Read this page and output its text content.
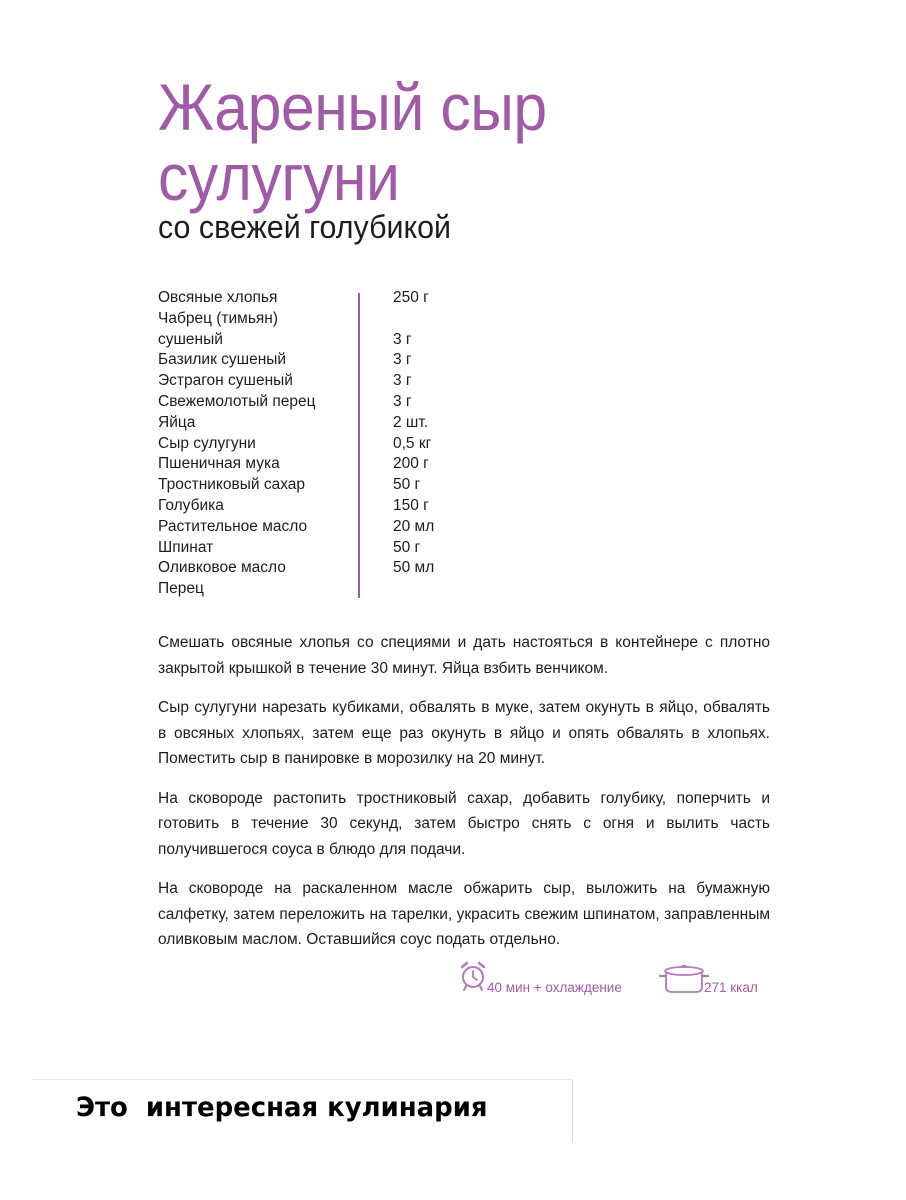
Жареный сыр
сулугуни
со свежей голубикой
Овсяные хлопья	250 г
Чабрец (тимьян)
сушеный	3 г
Базилик сушеный	3 г
Эстрагон сушеный	3 г
Свежемолотый перец	3 г
Яйца	2 шт.
Сыр сулугуни	0,5 кг
Пшеничная мука	200 г
Тростниковый сахар	50 г
Голубика	150 г
Растительное масло	20 мл
Шпинат	50 г
Оливковое масло	50 мл
Перец

Смешать овсяные хлопья со специями и дать настояться в контейнере с плотно закрытой крышкой в течение 30 минут. Яйца взбить венчиком.

Сыр сулугуни нарезать кубиками, обвалять в муке, затем окунуть в яйцо, обвалять в овсяных хлопьях, затем еще раз окунуть в яйцо и опять обвалять в хлопьях. Поместить сыр в панировке в морозилку на 20 минут.

На сковороде растопить тростниковый сахар, добавить голубику, поперчить и готовить в течение 30 секунд, затем быстро снять с огня и вылить часть получившегося соуса в блюдо для подачи.

На сковороде на раскаленном масле обжарить сыр, выложить на бумажную салфетку, затем переложить на тарелки, украсить свежим шпинатом, заправленным оливковым маслом. Оставшийся соус подать отдельно.

40 мин + охлаждение	271 ккал
Это  интересная кулинария
